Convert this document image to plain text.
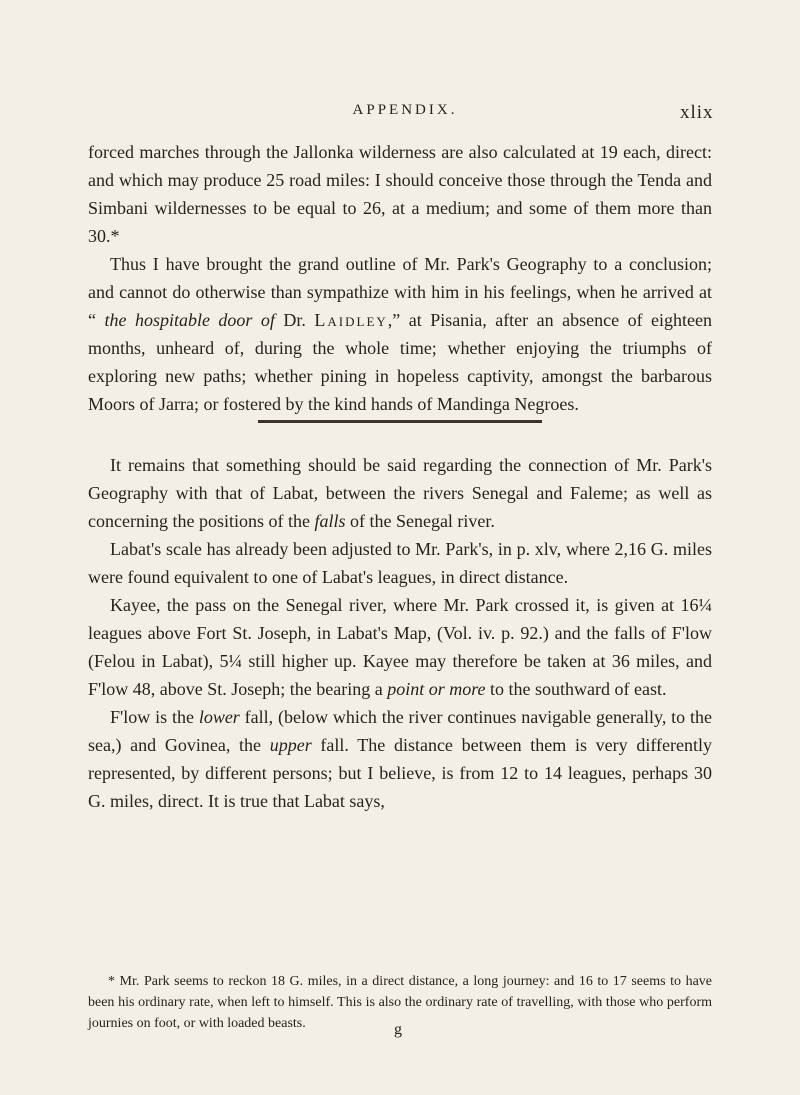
APPENDIX.	xlix

forced marches through the Jallonka wilderness are also calculated at 19 each, direct: and which may produce 25 road miles: I should conceive those through the Tenda and Simbani wildernesses to be equal to 26, at a medium; and some of them more than 30.*

Thus I have brought the grand outline of Mr. Park's Geography to a conclusion; and cannot do otherwise than sympathize with him in his feelings, when he arrived at “ the hospitable door of Dr. Laidley,” at Pisania, after an absence of eighteen months, unheard of, during the whole time; whether enjoying the triumphs of exploring new paths; whether pining in hopeless captivity, amongst the barbarous Moors of Jarra; or fostered by the kind hands of Mandinga Negroes.

It remains that something should be said regarding the connection of Mr. Park's Geography with that of Labat, between the rivers Senegal and Faleme; as well as concerning the positions of the falls of the Senegal river.

Labat's scale has already been adjusted to Mr. Park's, in p. xlv, where 2,16 G. miles were found equivalent to one of Labat's leagues, in direct distance.

Kayee, the pass on the Senegal river, where Mr. Park crossed it, is given at 16¼ leagues above Fort St. Joseph, in Labat's Map, (Vol. iv. p. 92.) and the falls of F'low (Felou in Labat), 5¼ still higher up. Kayee may therefore be taken at 36 miles, and F'low 48, above St. Joseph; the bearing a point or more to the southward of east.

F'low is the lower fall, (below which the river continues navigable generally, to the sea,) and Govinea, the upper fall. The distance between them is very differently represented, by different persons; but I believe, is from 12 to 14 leagues, perhaps 30 G. miles, direct. It is true that Labat says,

* Mr. Park seems to reckon 18 G. miles, in a direct distance, a long journey: and 16 to 17 seems to have been his ordinary rate, when left to himself. This is also the ordinary rate of travelling, with those who perform journies on foot, or with loaded beasts.	g
